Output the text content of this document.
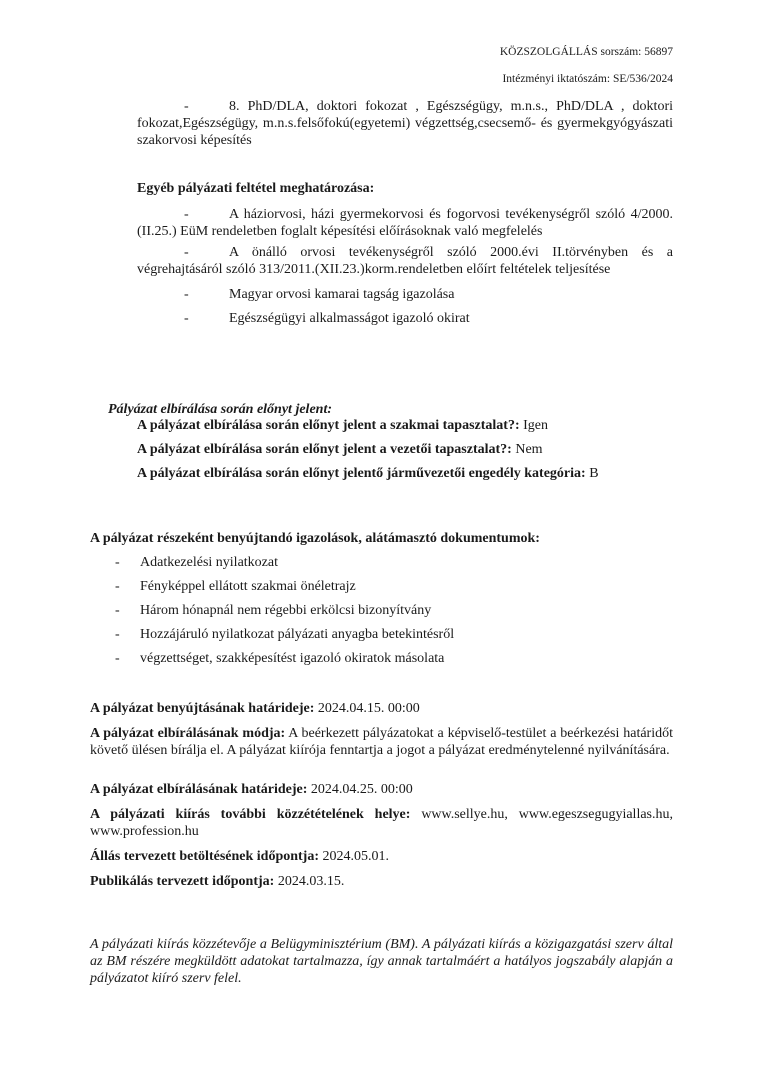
KÖZSZOLGÁLLÁS sorszám: 56897
Intézményi iktatószám: SE/536/2024
-	8. PhD/DLA, doktori fokozat , Egészségügy, m.n.s., PhD/DLA , doktori fokozat,Egészségügy, m.n.s.felsőfokú(egyetemi) végzettség,csecsemő- és gyermekgyógyászati szakorvosi képesítés
Egyéb pályázati feltétel meghatározása:
-	A háziorvosi, házi gyermekorvosi és fogorvosi tevékenységről szóló 4/2000. (II.25.) EüM rendeletben foglalt képesítési előírásoknak való megfelelés
-	A önálló orvosi tevékenységről szóló 2000.évi II.törvényben és a végrehajtásáról szóló 313/2011.(XII.23.)korm.rendeletben előírt feltételek teljesítése
-	Magyar orvosi kamarai tagság igazolása
-	Egészségügyi alkalmasságot igazoló okirat
Pályázat elbírálása során előnyt jelent:
A pályázat elbírálása során előnyt jelent a szakmai tapasztalat?: Igen
A pályázat elbírálása során előnyt jelent a vezetői tapasztalat?: Nem
A pályázat elbírálása során előnyt jelentő járművezetői engedély kategória: B
A pályázat részeként benyújtandó igazolások, alátámasztó dokumentumok:
- Adatkezelési nyilatkozat
- Fényképpel ellátott szakmai önéletrajz
- Három hónapnál nem régebbi erkölcsi bizonyítvány
- Hozzájáruló nyilatkozat pályázati anyagba betekintésről
- végzettséget, szakképesítést igazoló okiratok másolata
A pályázat benyújtásának határideje: 2024.04.15. 00:00
A pályázat elbírálásának módja: A beérkezett pályázatokat a képviselő-testület a beérkezési határidőt követő ülésen bírálja el. A pályázat kiírója fenntartja a jogot a pályázat eredménytelenné nyilvánítására.
A pályázat elbírálásának határideje: 2024.04.25. 00:00
A pályázati kiírás további közzétételének helye: www.sellye.hu, www.egeszsegugyiallas.hu, www.profession.hu
Állás tervezett betöltésének időpontja: 2024.05.01.
Publikálás tervezett időpontja: 2024.03.15.
A pályázati kiírás közzétevője a Belügyminisztérium (BM). A pályázati kiírás a közigazgatási szerv által az BM részére megküldött adatokat tartalmazza, így annak tartalmáért a hatályos jogszabály alapján a pályázatot kiíró szerv felel.
